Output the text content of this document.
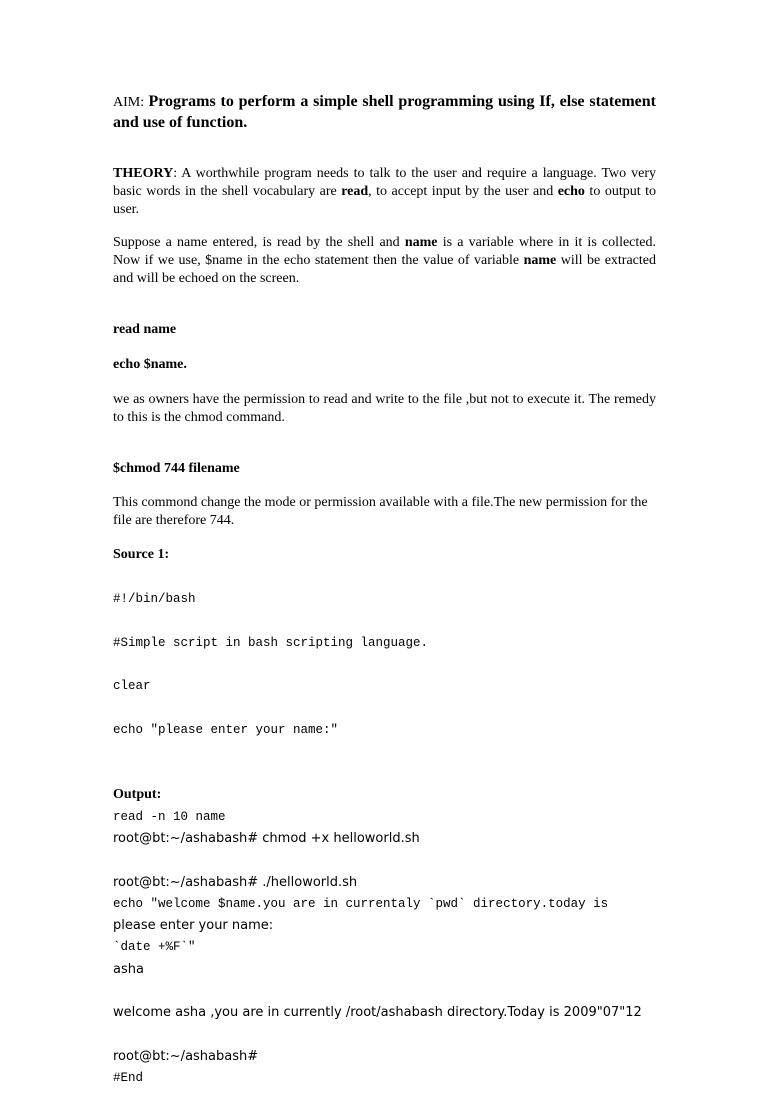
AIM: Programs to perform a simple shell programming using If, else statement and use of function.
THEORY: A worthwhile program needs to talk to the user and require a language. Two very basic words in the shell vocabulary are read, to accept input by the user and echo to output to user.
Suppose a name entered, is read by the shell and name is a variable where in it is collected. Now if we use, $name in the echo statement then the value of variable name will be extracted and will be echoed on the screen.
read name
echo $name.
we as owners have the permission to read and write to the file ,but not to execute it. The remedy to this is the chmod command.
$chmod 744 filename
This commond change the mode or permission available with a file.The new permission for the file are therefore 744.
Source 1:

#!/bin/bash

#Simple script in bash scripting language.

clear

echo "please enter your name:"

read -n 10 name

echo "welcome $name.you are in currentaly `pwd` directory.today is

`date +%F`"

#End

Output:

root@bt:~/ashabash# chmod +x helloworld.sh

root@bt:~/ashabash# ./helloworld.sh

please enter your name:

asha

welcome asha ,you are in currently /root/ashabash directory.Today is 2009"07"12

root@bt:~/ashabash#
